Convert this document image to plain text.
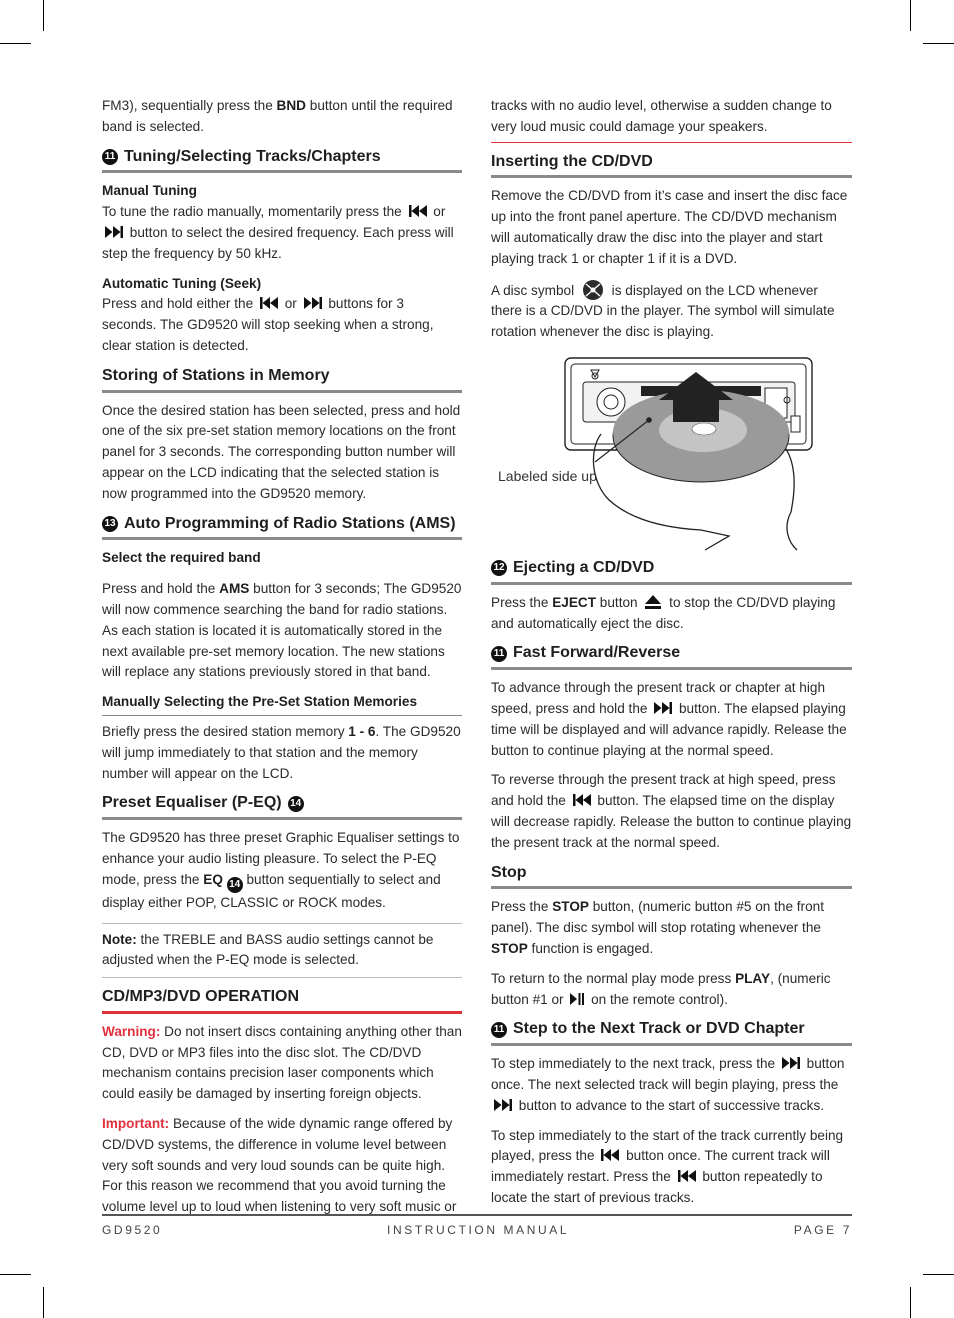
FM3), sequentially press the BND button until the required band is selected.

11 Tuning/Selecting Tracks/Chapters
Manual Tuning

To tune the radio manually, momentarily press the
or
button to select the desired frequency. Each press will step the frequency by 50 kHz.

Automatic Tuning (Seek)

Press and hold either the
or
buttons for 3 seconds. The GD9520 will stop seeking when a strong, clear station is detected.

Storing of Stations in Memory

Once the desired station has been selected, press and hold one of the six pre-set station memory locations on the front panel for 3 seconds. The corresponding button number will appear on the LCD indicating that the selected station is now programmed into the GD9520 memory.

13 Auto Programming of Radio Stations (AMS)
Select the required band

Press and hold the AMS button for 3 seconds; The GD9520 will now commence searching the band for radio stations. As each station is located it is automatically stored in the next available pre-set memory location. The new stations will replace any stations previously stored in that band.

Manually Selecting the Pre-Set Station Memories

Briefly press the desired station memory 1 - 6. The GD9520 will jump immediately to that station and the memory number will appear on the LCD.

Preset Equaliser (P-EQ) 14

The GD9520 has three preset Graphic Equaliser settings to enhance your audio listing pleasure. To select the P-EQ mode, press the EQ 14 button sequentially to select and display either POP, CLASSIC or ROCK modes.

Note: the TREBLE and BASS audio settings cannot be adjusted when the P-EQ mode is selected.

CD/MP3/DVD OPERATION

Warning: Do not insert discs containing anything other than CD, DVD or MP3 files into the disc slot. The CD/DVD mechanism contains precision laser components which could easily be damaged by inserting foreign objects.

Important: Because of the wide dynamic range offered by CD/DVD systems, the difference in volume level between very soft sounds and very loud sounds can be quite high. For this reason we recommend that you avoid turning the volume level up to loud when listening to very soft music or

tracks with no audio level, otherwise a sudden change to very loud music could damage your speakers.

Inserting the CD/DVD

Remove the CD/DVD from it’s case and insert the disc face up into the front panel aperture. The CD/DVD mechanism will automatically draw the disc into the player and start playing track 1 or chapter 1 if it is a DVD.

A disc symbol
is displayed on the LCD whenever there is a CD/DVD in the player. The symbol will simulate rotation whenever the disc is playing.

Labeled side up
12 Ejecting a CD/DVD

Press the EJECT button
to stop the CD/DVD playing and automatically eject the disc.

11 Fast Forward/Reverse

To advance through the present track or chapter at high speed, press and hold the
button. The elapsed playing time will be displayed and will advance rapidly. Release the button to continue playing at the normal speed.

To reverse through the present track at high speed, press and hold the
button. The elapsed time on the display will decrease rapidly. Release the button to continue playing the present track at the normal speed.

Stop

Press the STOP button, (numeric button #5 on the front panel). The disc symbol will stop rotating whenever the STOP function is engaged.

To return to the normal play mode press PLAY, (numeric button #1 or
on the remote control).

11 Step to the Next Track or DVD Chapter

To step immediately to the next track, press the
button once. The next selected track will begin playing, press the
button to advance to the start of successive tracks.

To step immediately to the start of the track currently being played, press the
button once. The current track will immediately restart. Press the
button repeatedly to locate the start of previous tracks.

GD9520	INSTRUCTION MANUAL	PAGE 7
